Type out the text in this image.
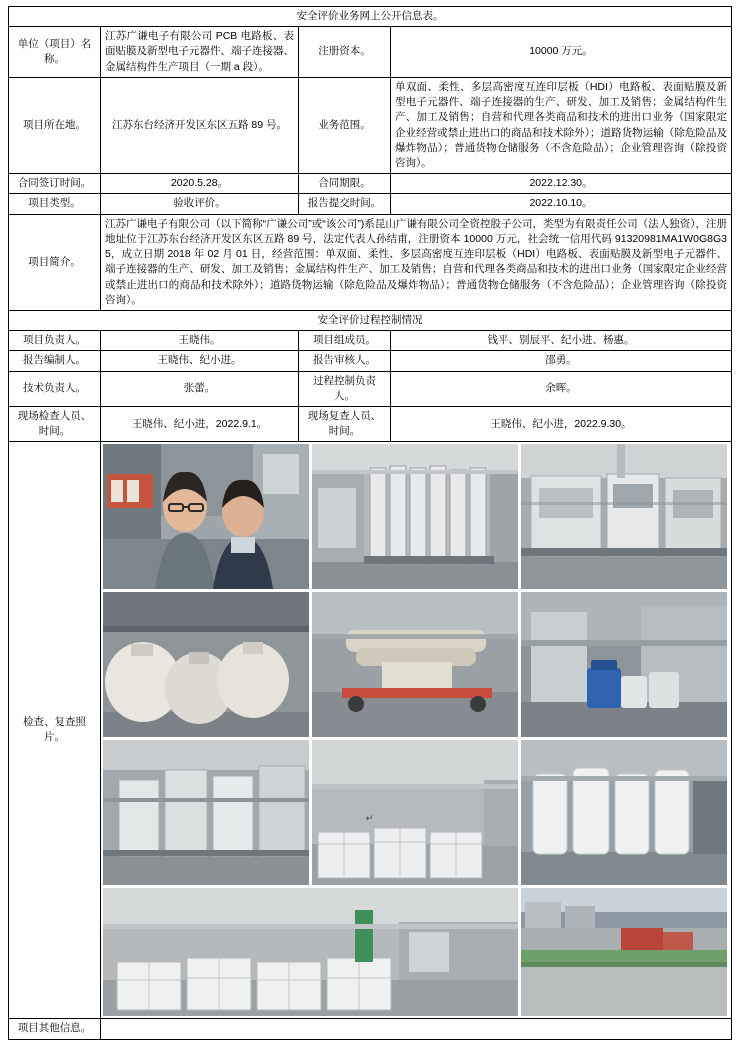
安全评价业务网上公开信息表。			
单位（项目）名称。	江苏广谦电子有限公司 PCB 电路板、表面贴膜及新型电子元器件、端子连接器、金属结构件生产项目（一期 a 段）。	注册资本。	10000 万元。
项目所在地。	江苏东台经济开发区东区五路 89 号。	业务范围。	单双面、柔性、多层高密度互连印层板（HDI）电路板、表面贴膜及新型电子元器件、端子连接器的生产、研发、加工及销售；金属结构件生产、加工及销售；自营和代理各类商品和技术的进出口业务（国家限定企业经营或禁止进出口的商品和技术除外）；道路货物运输（除危险品及爆炸物品）；普通货物仓储服务（不含危险品）；企业管理咨询（除投资咨询）。
合同签订时间。	2020.5.28。	合同期限。	2022.12.30。
项目类型。	验收评价。	报告提交时间。	2022.10.10。
项目简介。	江苏广谦电子有限公司（以下简称“广谦公司”或“该公司”)系昆山广谦有限公司全资控股子公司，类型为有限责任公司（法人独资），注册地址位于江苏东台经济开发区东区五路 89 号，法定代表人孙结甫，注册资本 10000 万元，社会统一信用代码 91320981MA1W0G8G35，成立日期 2018 年 02 月 01 日，经营范围：单双面、柔性、多层高密度互连印层板（HDI）电路板、表面贴膜及新型电子元器件、端子连接器的生产、研发、加工及销售；金属结构件生产、加工及销售；自营和代理各类商品和技术的进出口业务（国家限定企业经营或禁止进出口的商品和技术除外）；道路货物运输（除危险品及爆炸物品）；普通货物仓储服务（不含危险品）；企业管理咨询（除投资咨询）。		
安全评价过程控制情况			
项目负责人。	王晓伟。	项目组成员。	钱平、别辰平、纪小进、杨惠。
报告编制人。	王晓伟、纪小进。	报告审核人。	邵勇。
技术负责人。	张蕾。	过程控制负责人。	余晖。
现场检查人员、时间。	王晓伟、纪小进，2022.9.1。	现场复查人员、时间。	王晓伟、纪小进，2022.9.30。
检查、复查照片。	

项目其他信息。			
↵
